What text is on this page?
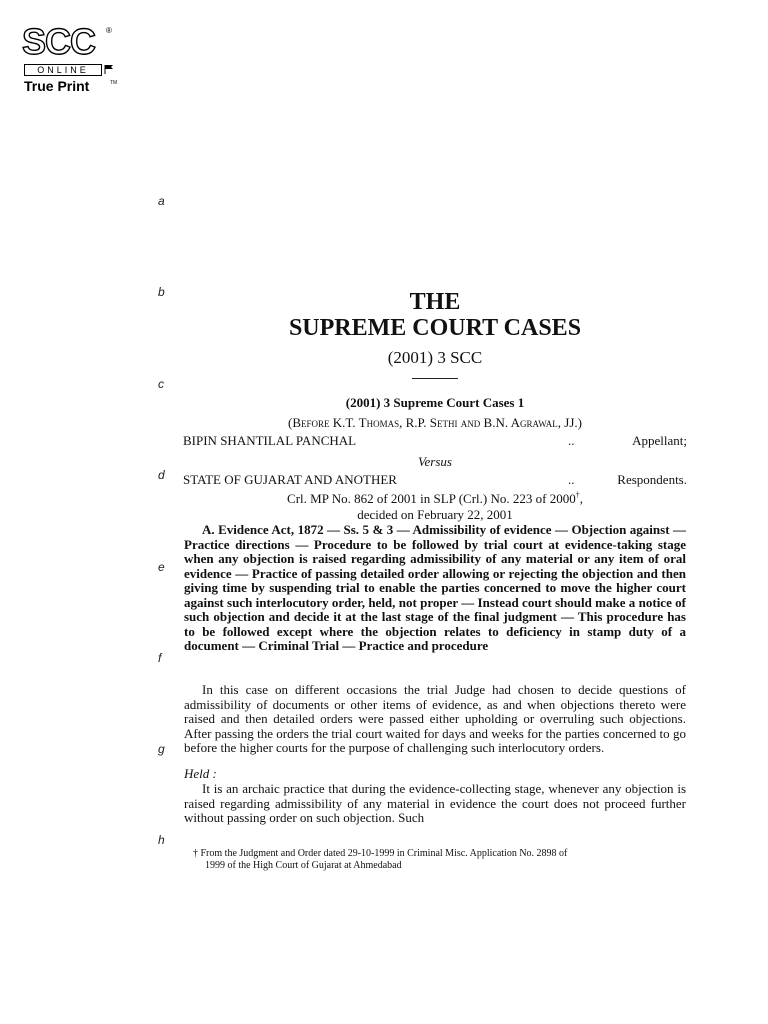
SCC ®
ONLINE
True Print	TM
a
b
c
d
e
f
g
h
THE
SUPREME COURT CASES
(2001) 3 SCC
(2001) 3 Supreme Court Cases 1
(Before K.T. Thomas, R.P. Sethi and B.N. Agrawal, JJ.)
BIPIN SHANTILAL PANCHAL	..	Appellant;
Versus
STATE OF GUJARAT AND ANOTHER	..	Respondents.
Crl. MP No. 862 of 2001 in SLP (Crl.) No. 223 of 2000†,
decided on February 22, 2001

A. Evidence Act, 1872 — Ss. 5 & 3 — Admissibility of evidence — Objection against — Practice directions — Procedure to be followed by trial court at evidence-taking stage when any objection is raised regarding admissibility of any material or any item of oral evidence — Practice of passing detailed order allowing or rejecting the objection and then giving time by suspending trial to enable the parties concerned to move the higher court against such interlocutory order, held, not proper — Instead court should make a notice of such objection and decide it at the last stage of the final judgment — This procedure has to be followed except where the objection relates to deficiency in stamp duty of a document — Criminal Trial — Practice and procedure

In this case on different occasions the trial Judge had chosen to decide questions of admissibility of documents or other items of evidence, as and when objections thereto were raised and then detailed orders were passed either upholding or overruling such objections. After passing the orders the trial court waited for days and weeks for the parties concerned to go before the higher courts for the purpose of challenging such interlocutory orders.

Held :

It is an archaic practice that during the evidence-collecting stage, whenever any objection is raised regarding admissibility of any material in evidence the court does not proceed further without passing order on such objection. Such

† From the Judgment and Order dated 29-10-1999 in Criminal Misc. Application No. 2898 of
1999 of the High Court of Gujarat at Ahmedabad
